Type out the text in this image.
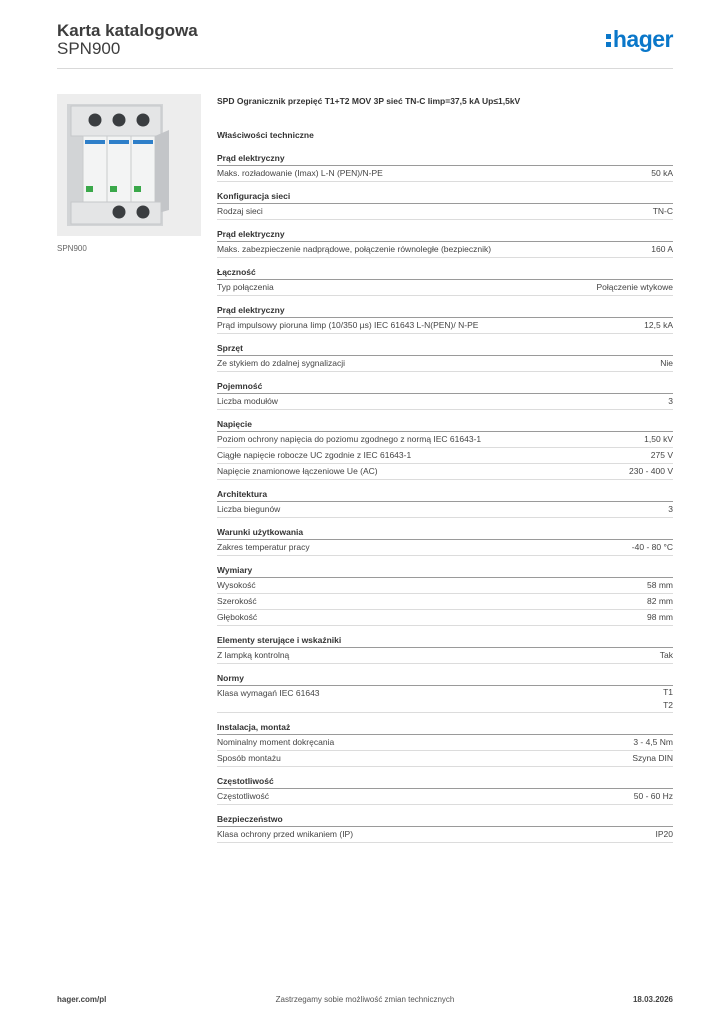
Karta katalogowa
SPN900	hager
SPN900
SPD Ogranicznik przepięć T1+T2 MOV 3P sieć TN-C Iimp=37,5 kA Up≤1,5kV
Właściwości techniczne
Prąd elektryczny
Maks. rozładowanie (Imax) L-N (PEN)/N-PE	50 kA
Konfiguracja sieci
Rodzaj sieci	TN-C
Prąd elektryczny
Maks. zabezpieczenie nadprądowe, połączenie równoległe (bezpiecznik)	160 A
Łączność
Typ połączenia	Połączenie wtykowe
Prąd elektryczny
Prąd impulsowy pioruna Iimp (10/350 µs) IEC 61643 L-N(PEN)/ N-PE	12,5 kA
Sprzęt
Ze stykiem do zdalnej sygnalizacji	Nie
Pojemność
Liczba modułów	3
Napięcie
Poziom ochrony napięcia do poziomu zgodnego z normą IEC 61643-1	1,50 kV
Ciągłe napięcie robocze UC zgodnie z IEC 61643-1	275 V
Napięcie znamionowe łączeniowe Ue (AC)	230 - 400 V
Architektura
Liczba biegunów	3
Warunki użytkowania
Zakres temperatur pracy	-40 - 80 °C
Wymiary
Wysokość	58 mm
Szerokość	82 mm
Głębokość	98 mm
Elementy sterujące i wskaźniki
Z lampką kontrolną	Tak
Normy
Klasa wymagań IEC 61643	T1
T2
Instalacja, montaż
Nominalny moment dokręcania	3 - 4,5 Nm
Sposób montażu	Szyna DIN
Częstotliwość
Częstotliwość	50 - 60 Hz
Bezpieczeństwo
Klasa ochrony przed wnikaniem (IP)	IP20
hager.com/pl	Zastrzegamy sobie możliwość zmian technicznych	18.03.2026
